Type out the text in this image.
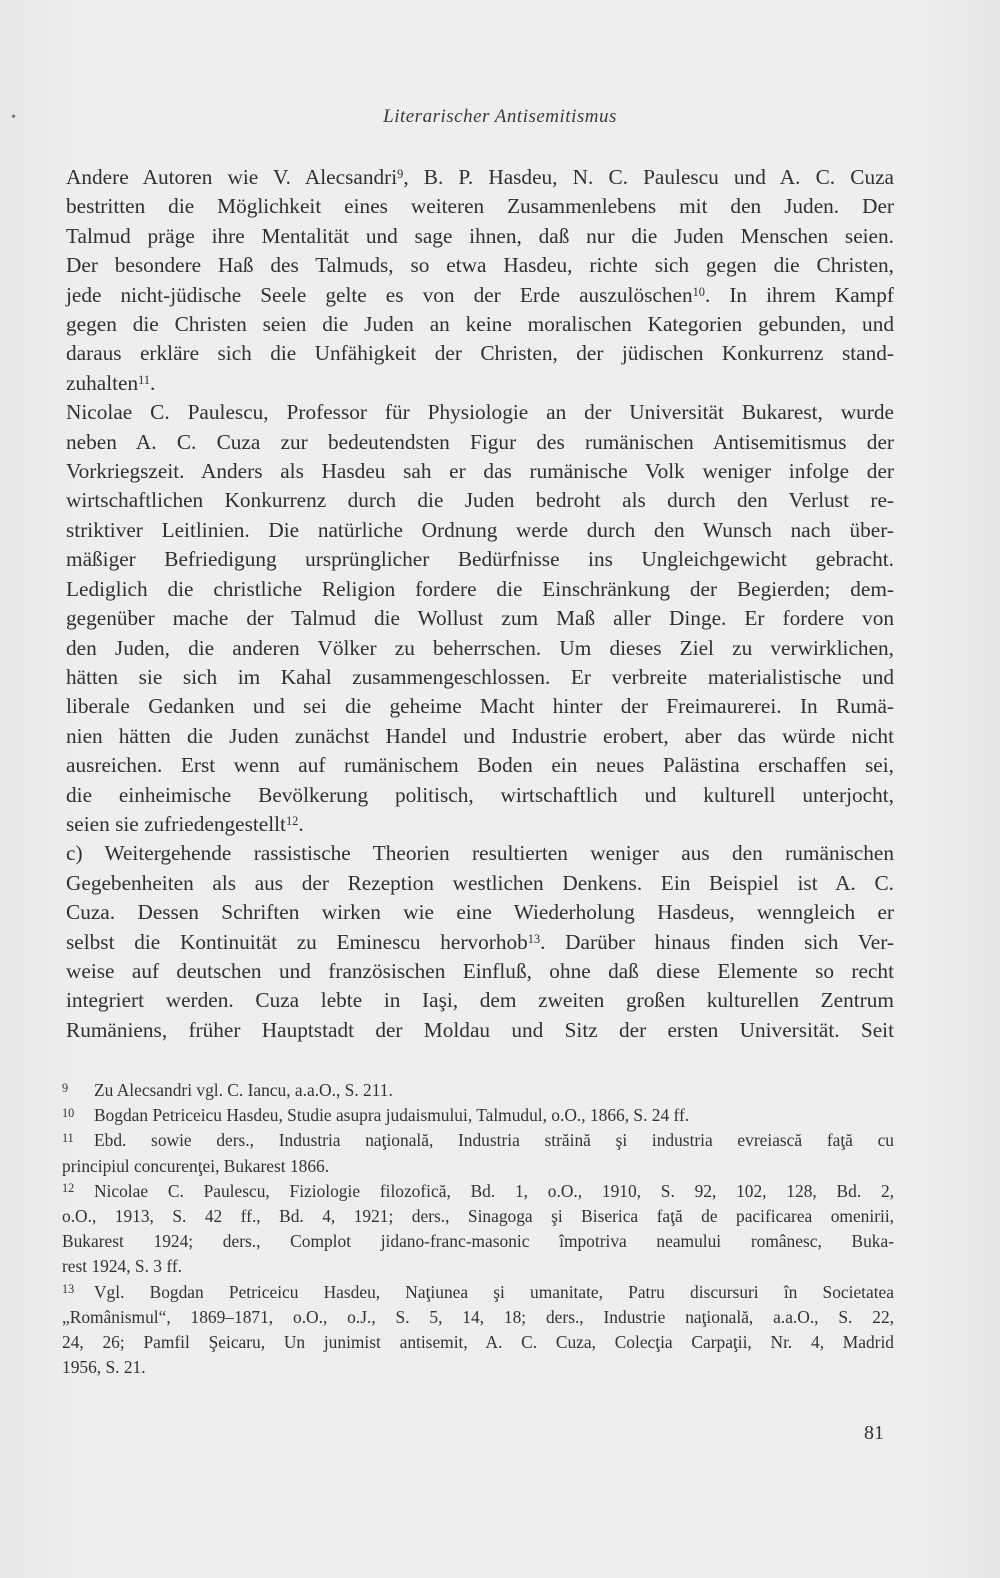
Literarischer Antisemitismus
Andere Autoren wie V. Alecsandri$^9$, B. P. Hasdeu, N. C. Paulescu und A. C. Cuza
bestritten die Möglichkeit eines weiteren Zusammenlebens mit den Juden. Der
Talmud präge ihre Mentalität und sage ihnen, daß nur die Juden Menschen seien.
Der besondere Haß des Talmuds, so etwa Hasdeu, richte sich gegen die Christen,
jede nicht-jüdische Seele gelte es von der Erde auszulöschen$^{10}$. In ihrem Kampf
gegen die Christen seien die Juden an keine moralischen Kategorien gebunden, und
daraus erkläre sich die Unfähigkeit der Christen, der jüdischen Konkurrenz stand-
zuhalten$^{11}$.
Nicolae C. Paulescu, Professor für Physiologie an der Universität Bukarest, wurde
neben A. C. Cuza zur bedeutendsten Figur des rumänischen Antisemitismus der
Vorkriegszeit. Anders als Hasdeu sah er das rumänische Volk weniger infolge der
wirtschaftlichen Konkurrenz durch die Juden bedroht als durch den Verlust re-
striktiver Leitlinien. Die natürliche Ordnung werde durch den Wunsch nach über-
mäßiger Befriedigung ursprünglicher Bedürfnisse ins Ungleichgewicht gebracht.
Lediglich die christliche Religion fordere die Einschränkung der Begierden; dem-
gegenüber mache der Talmud die Wollust zum Maß aller Dinge. Er fordere von
den Juden, die anderen Völker zu beherrschen. Um dieses Ziel zu verwirklichen,
hätten sie sich im Kahal zusammengeschlossen. Er verbreite materialistische und
liberale Gedanken und sei die geheime Macht hinter der Freimaurerei. In Rumä-
nien hätten die Juden zunächst Handel und Industrie erobert, aber das würde nicht
ausreichen. Erst wenn auf rumänischem Boden ein neues Palästina erschaffen sei,
die einheimische Bevölkerung politisch, wirtschaftlich und kulturell unterjocht,
seien sie zufriedengestellt$^{12}$.
c) Weitergehende rassistische Theorien resultierten weniger aus den rumänischen
Gegebenheiten als aus der Rezeption westlichen Denkens. Ein Beispiel ist A. C.
Cuza. Dessen Schriften wirken wie eine Wiederholung Hasdeus, wenngleich er
selbst die Kontinuität zu Eminescu hervorhob$^{13}$. Darüber hinaus finden sich Ver-
weise auf deutschen und französischen Einfluß, ohne daß diese Elemente so recht
integriert werden. Cuza lebte in Iaşi, dem zweiten großen kulturellen Zentrum
Rumäniens, früher Hauptstadt der Moldau und Sitz der ersten Universität. Seit
9 Zu Alecsandri vgl. C. Iancu, a.a.O., S. 211.
10 Bogdan Petriceicu Hasdeu, Studie asupra judaismului, Talmudul, o.O., 1866, S. 24 ff.
11 Ebd. sowie ders., Industria naţională, Industria străină şi industria evreiască faţă cu
principiul concurenţei, Bukarest 1866.
12 Nicolae C. Paulescu, Fiziologie filozofică, Bd. 1, o.O., 1910, S. 92, 102, 128, Bd. 2,
o.O., 1913, S. 42 ff., Bd. 4, 1921; ders., Sinagoga şi Biserica faţă de pacificarea omenirii,
Bukarest 1924; ders., Complot jidano-franc-masonic împotriva neamului românesc, Buka-
rest 1924, S. 3 ff.
13 Vgl. Bogdan Petriceicu Hasdeu, Naţiunea şi umanitate, Patru discursuri în Societatea
„Românismul“, 1869–1871, o.O., o.J., S. 5, 14, 18; ders., Industrie naţională, a.a.O., S. 22,
24, 26; Pamfil Şeicaru, Un junimist antisemit, A. C. Cuza, Colecţia Carpaţii, Nr. 4, Madrid
1956, S. 21.
81
•
